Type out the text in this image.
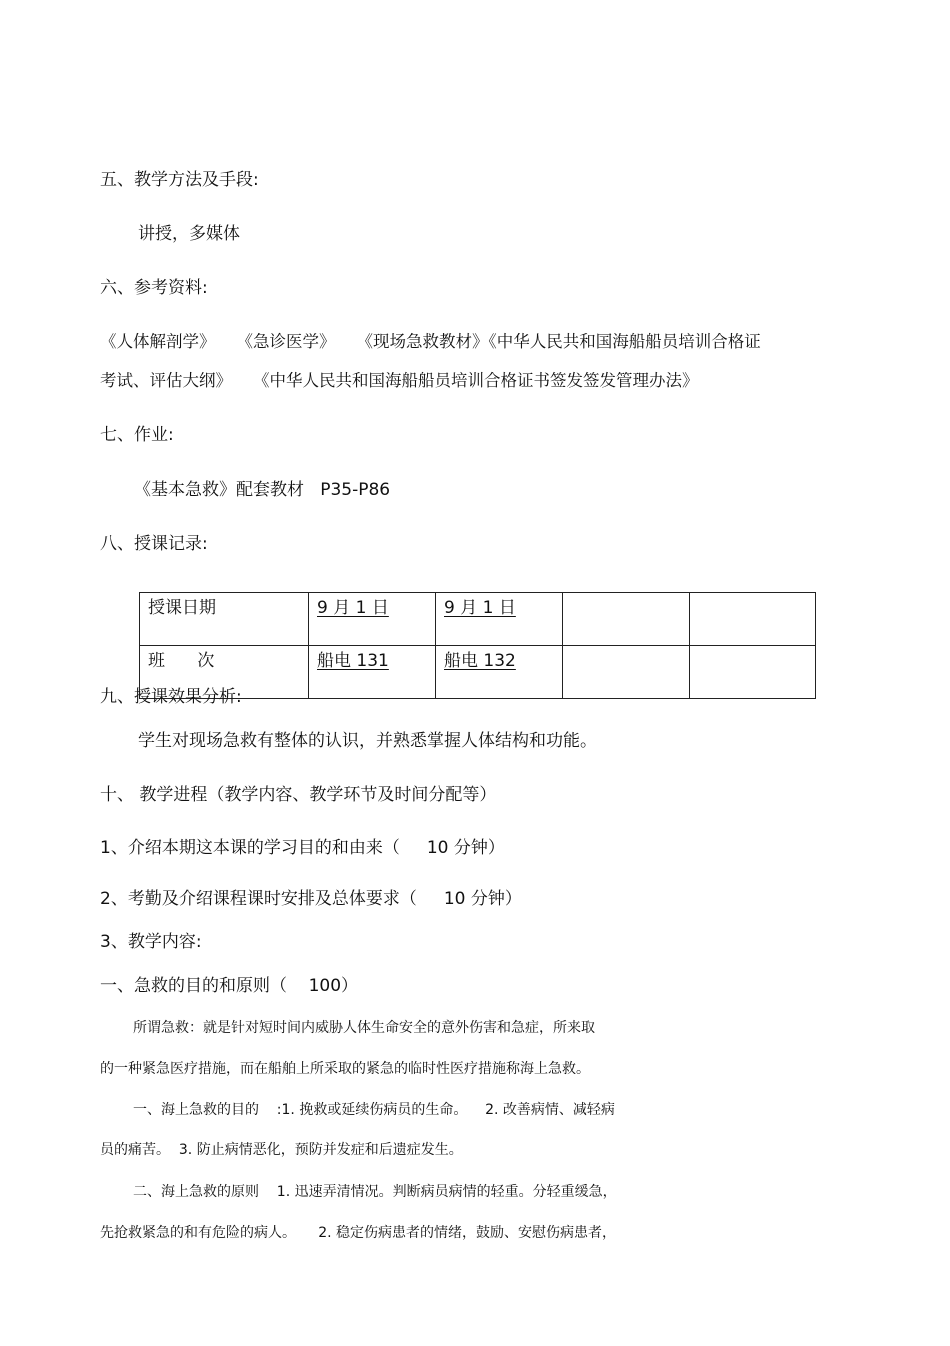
五、教学方法及手段:
讲授，多媒体
六、参考资料:
《人体解剖学》    《急诊医学》    《现场急救教材》《中华人民共和国海船船员培训合格证
考试、评估大纲》    《中华人民共和国海船船员培训合格证书签发签发管理办法》
七、作业:
《基本急救》配套教材   P35-P86
八、授课记录:
授课日期	9 月 1 日	9 月 1 日		
班      次	船电 131	船电 132		
九、授课效果分析:
学生对现场急救有整体的认识，并熟悉掌握人体结构和功能。
十、 教学进程（教学内容、教学环节及时间分配等）
1、介绍本期这本课的学习目的和由来（     10 分钟）
2、考勤及介绍课程课时安排及总体要求（     10 分钟）
3、教学内容:
一、急救的目的和原则（    100）
所谓急救：就是针对短时间内威胁人体生命安全的意外伤害和急症，所来取
的一种紧急医疗措施，而在船舶上所采取的紧急的临时性医疗措施称海上急救。
一、海上急救的目的    :1. 挽救或延续伤病员的生命。    2. 改善病情、减轻病
员的痛苦。  3. 防止病情恶化，预防并发症和后遗症发生。
二、海上急救的原则    1. 迅速弄清情况。判断病员病情的轻重。分轻重缓急，
先抢救紧急的和有危险的病人。     2. 稳定伤病患者的情绪，鼓励、安慰伤病患者，
